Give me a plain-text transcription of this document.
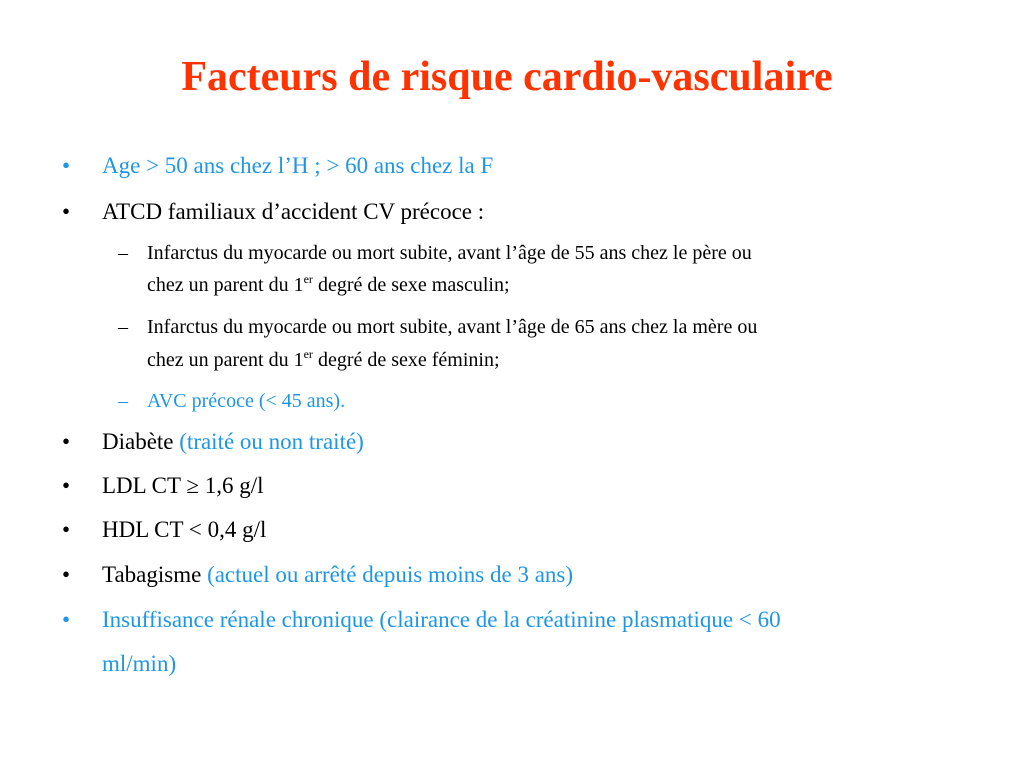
Facteurs de risque cardio-vasculaire
• Age > 50 ans chez l’H ; > 60 ans chez la F
• ATCD familiaux d’accident CV précoce :
– Infarctus du myocarde ou mort subite, avant l’âge de 55 ans chez le père ou
chez un parent du 1er degré de sexe masculin;
– Infarctus du myocarde ou mort subite, avant l’âge de 65 ans chez la mère ou
chez un parent du 1er degré de sexe féminin;
– AVC précoce (< 45 ans).
• Diabète (traité ou non traité)
• LDL CT ≥ 1,6 g/l
• HDL CT < 0,4 g/l
• Tabagisme (actuel ou arrêté depuis moins de 3 ans)
• Insuffisance rénale chronique (clairance de la créatinine plasmatique < 60
ml/min)
